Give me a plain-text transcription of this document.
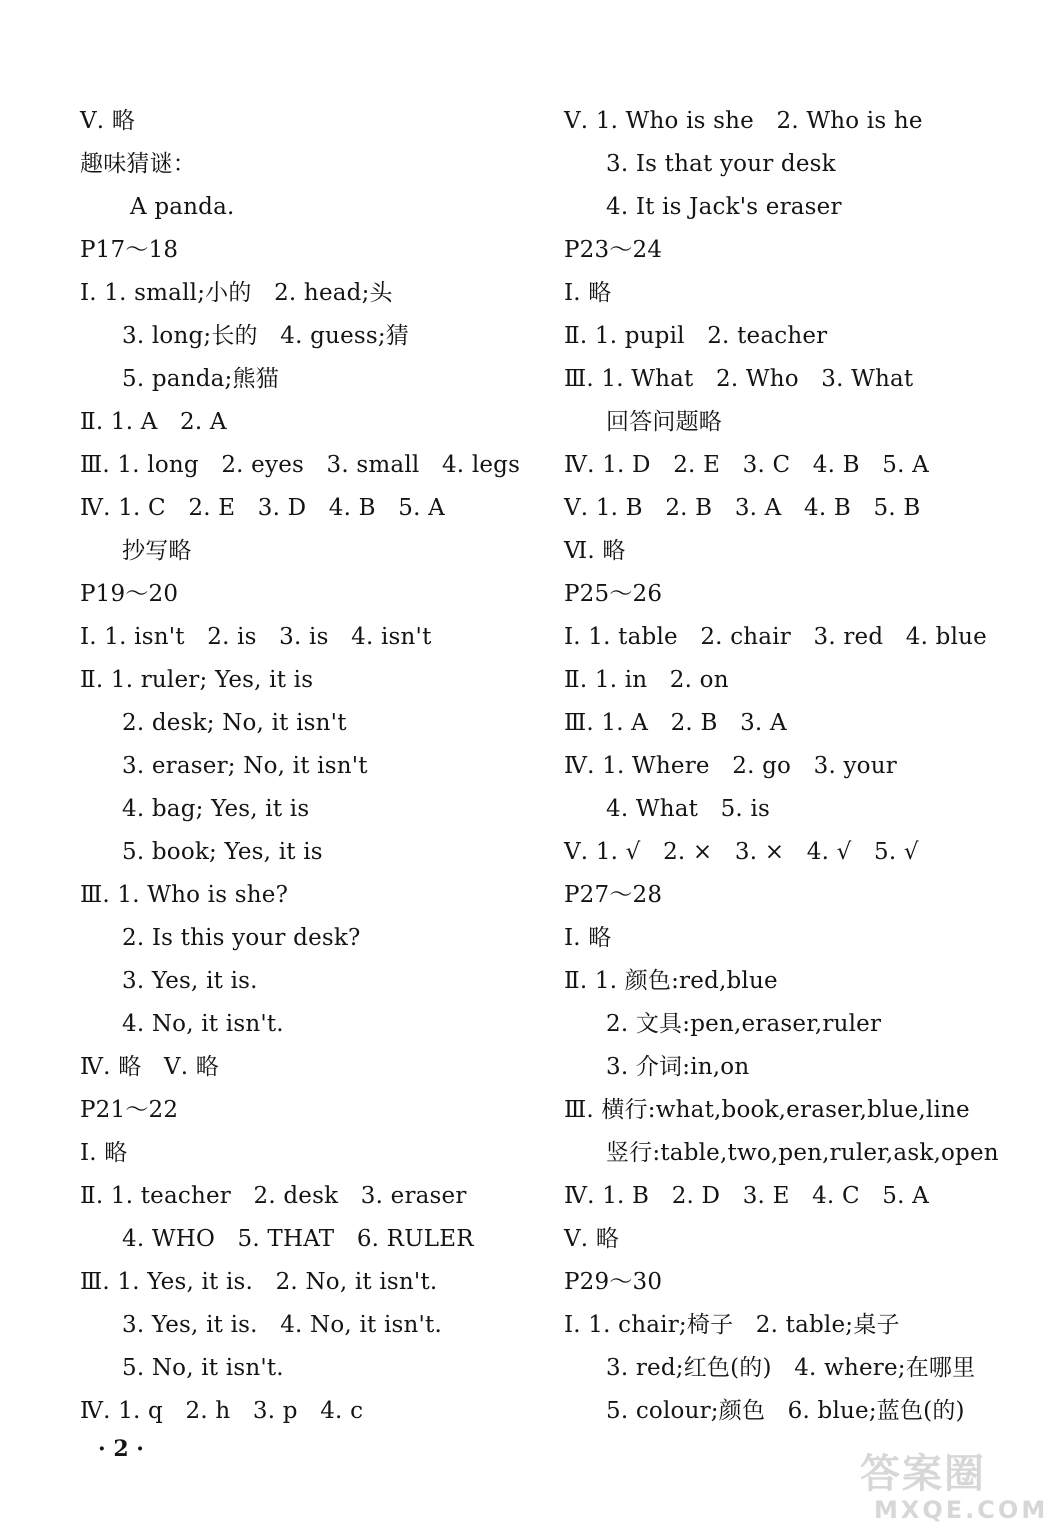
Ⅴ. 略
趣味猜谜：
A panda.
P17～18
Ⅰ. 1. small;小的   2. head;头
3. long;长的   4. guess;猜
5. panda;熊猫
Ⅱ. 1. A   2. A
Ⅲ. 1. long   2. eyes   3. small   4. legs
Ⅳ. 1. C   2. E   3. D   4. B   5. A
抄写略
P19～20
Ⅰ. 1. isn't   2. is   3. is   4. isn't
Ⅱ. 1. ruler; Yes, it is
2. desk; No, it isn't
3. eraser; No, it isn't
4. bag; Yes, it is
5. book; Yes, it is
Ⅲ. 1. Who is she?
2. Is this your desk?
3. Yes, it is.
4. No, it isn't.
Ⅳ. 略   Ⅴ. 略
P21～22
Ⅰ. 略
Ⅱ. 1. teacher   2. desk   3. eraser
4. WHO   5. THAT   6. RULER
Ⅲ. 1. Yes, it is.   2. No, it isn't.
3. Yes, it is.   4. No, it isn't.
5. No, it isn't.
Ⅳ. 1. q   2. h   3. p   4. c
Ⅴ. 1. Who is she   2. Who is he
3. Is that your desk
4. It is Jack's eraser
P23～24
Ⅰ. 略
Ⅱ. 1. pupil   2. teacher
Ⅲ. 1. What   2. Who   3. What
回答问题略
Ⅳ. 1. D   2. E   3. C   4. B   5. A
Ⅴ. 1. B   2. B   3. A   4. B   5. B
Ⅵ. 略
P25～26
Ⅰ. 1. table   2. chair   3. red   4. blue
Ⅱ. 1. in   2. on
Ⅲ. 1. A   2. B   3. A
Ⅳ. 1. Where   2. go   3. your
4. What   5. is
Ⅴ. 1. √   2. ×   3. ×   4. √   5. √
P27～28
Ⅰ. 略
Ⅱ. 1. 颜色:red,blue
2. 文具:pen,eraser,ruler
3. 介词:in,on
Ⅲ. 横行:what,book,eraser,blue,line
竖行:table,two,pen,ruler,ask,open
Ⅳ. 1. B   2. D   3. E   4. C   5. A
Ⅴ. 略
P29～30
Ⅰ. 1. chair;椅子   2. table;桌子
3. red;红色(的)   4. where;在哪里
5. colour;颜色   6. blue;蓝色(的)
· 2 ·
答案圈
MXQE.COM
